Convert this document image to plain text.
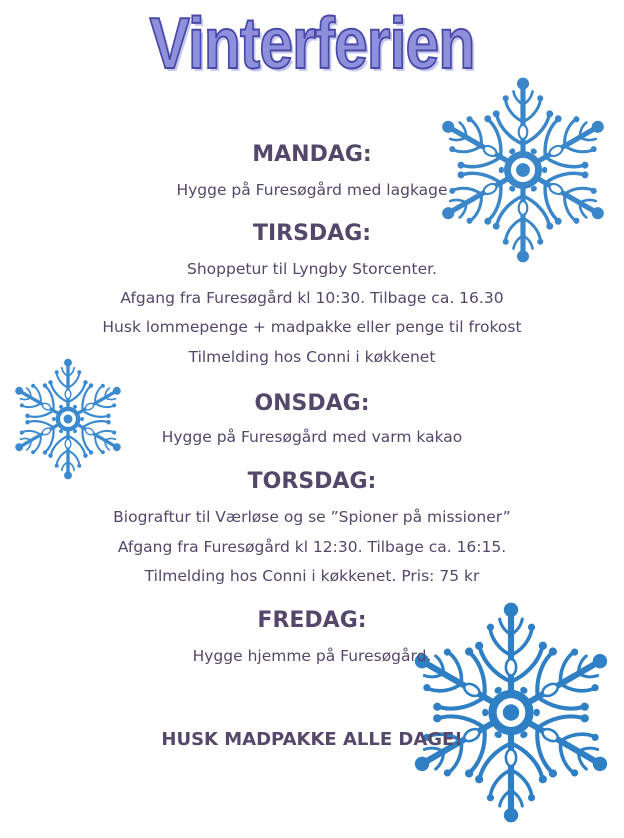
Vinterferien
MANDAG:
Hygge på Furesøgård med lagkage
TIRSDAG:
Shoppetur til Lyngby Storcenter.
Afgang fra Furesøgård kl 10:30. Tilbage ca. 16.30
Husk lommepenge + madpakke eller penge til frokost
Tilmelding hos Conni i køkkenet
ONSDAG:
Hygge på Furesøgård med varm kakao
TORSDAG:
Biograftur til Værløse og se ”Spioner på missioner”
Afgang fra Furesøgård kl 12:30. Tilbage ca. 16:15.
Tilmelding hos Conni i køkkenet. Pris: 75 kr
FREDAG:
Hygge hjemme på Furesøgård.
HUSK MADPAKKE ALLE DAGE!
